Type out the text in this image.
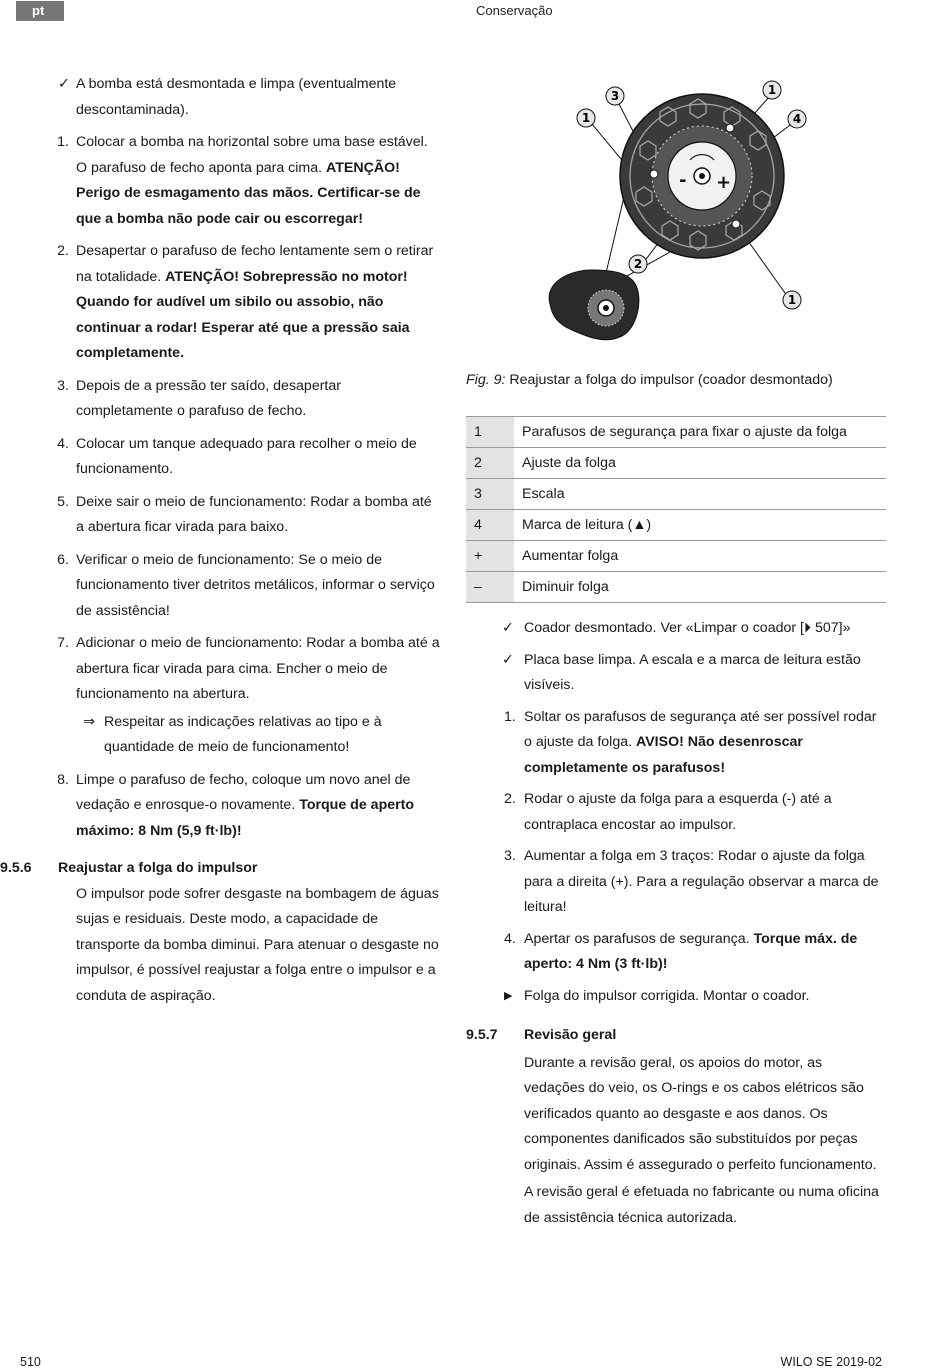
pt	Conservação
✓ A bomba está desmontada e limpa (eventualmente descontaminada).
1. Colocar a bomba na horizontal sobre uma base estável. O parafuso de fecho aponta para cima. ATENÇÃO! Perigo de esmagamento das mãos. Certificar-se de que a bomba não pode cair ou escorregar!
2. Desapertar o parafuso de fecho lentamente sem o retirar na totalidade. ATENÇÃO! Sobrepressão no motor! Quando for audível um sibilo ou assobio, não continuar a rodar! Esperar até que a pressão saia completamente.
3. Depois de a pressão ter saído, desapertar completamente o parafuso de fecho.
4. Colocar um tanque adequado para recolher o meio de funcionamento.
5. Deixe sair o meio de funcionamento: Rodar a bomba até a abertura ficar virada para baixo.
6. Verificar o meio de funcionamento: Se o meio de funcionamento tiver detritos metálicos, informar o serviço de assistência!
7. Adicionar o meio de funcionamento: Rodar a bomba até a abertura ficar virada para cima. Encher o meio de funcionamento na abertura.
⇒ Respeitar as indicações relativas ao tipo e à quantidade de meio de funcionamento!
8. Limpe o parafuso de fecho, coloque um novo anel de vedação e enrosque-o novamente. Torque de aperto máximo: 8 Nm (5,9 ft·lb)!
9.5.6 Reajustar a folga do impulsor
O impulsor pode sofrer desgaste na bombagem de águas sujas e residuais. Deste modo, a capacidade de transporte da bomba diminui. Para atenuar o desgaste no impulsor, é possível reajustar a folga entre o impulsor e a conduta de aspiração.
- +
1
3	1
4
2
1
Fig. 9: Reajustar a folga do impulsor (coador desmontado)
1	Parafusos de segurança para fixar o ajuste da folga
2	Ajuste da folga
3	Escala
4	Marca de leitura (▲)
+	Aumentar folga
–	Diminuir folga
✓ Coador desmontado. Ver «Limpar o coador [⏵ 507]»
✓ Placa base limpa. A escala e a marca de leitura estão visíveis.
1. Soltar os parafusos de segurança até ser possível rodar o ajuste da folga. AVISO! Não desenroscar completamente os parafusos!
2. Rodar o ajuste da folga para a esquerda (-) até a contraplaca encostar ao impulsor.
3. Aumentar a folga em 3 traços: Rodar o ajuste da folga para a direita (+). Para a regulação observar a marca de leitura!
4. Apertar os parafusos de segurança. Torque máx. de aperto: 4 Nm (3 ft·lb)!
▶ Folga do impulsor corrigida. Montar o coador.
9.5.7 Revisão geral
Durante a revisão geral, os apoios do motor, as vedações do veio, os O-rings e os cabos elétricos são verificados quanto ao desgaste e aos danos. Os componentes danificados são substituídos por peças originais. Assim é assegurado o perfeito funcionamento.
A revisão geral é efetuada no fabricante ou numa oficina de assistência técnica autorizada.
510	WILO SE 2019-02
